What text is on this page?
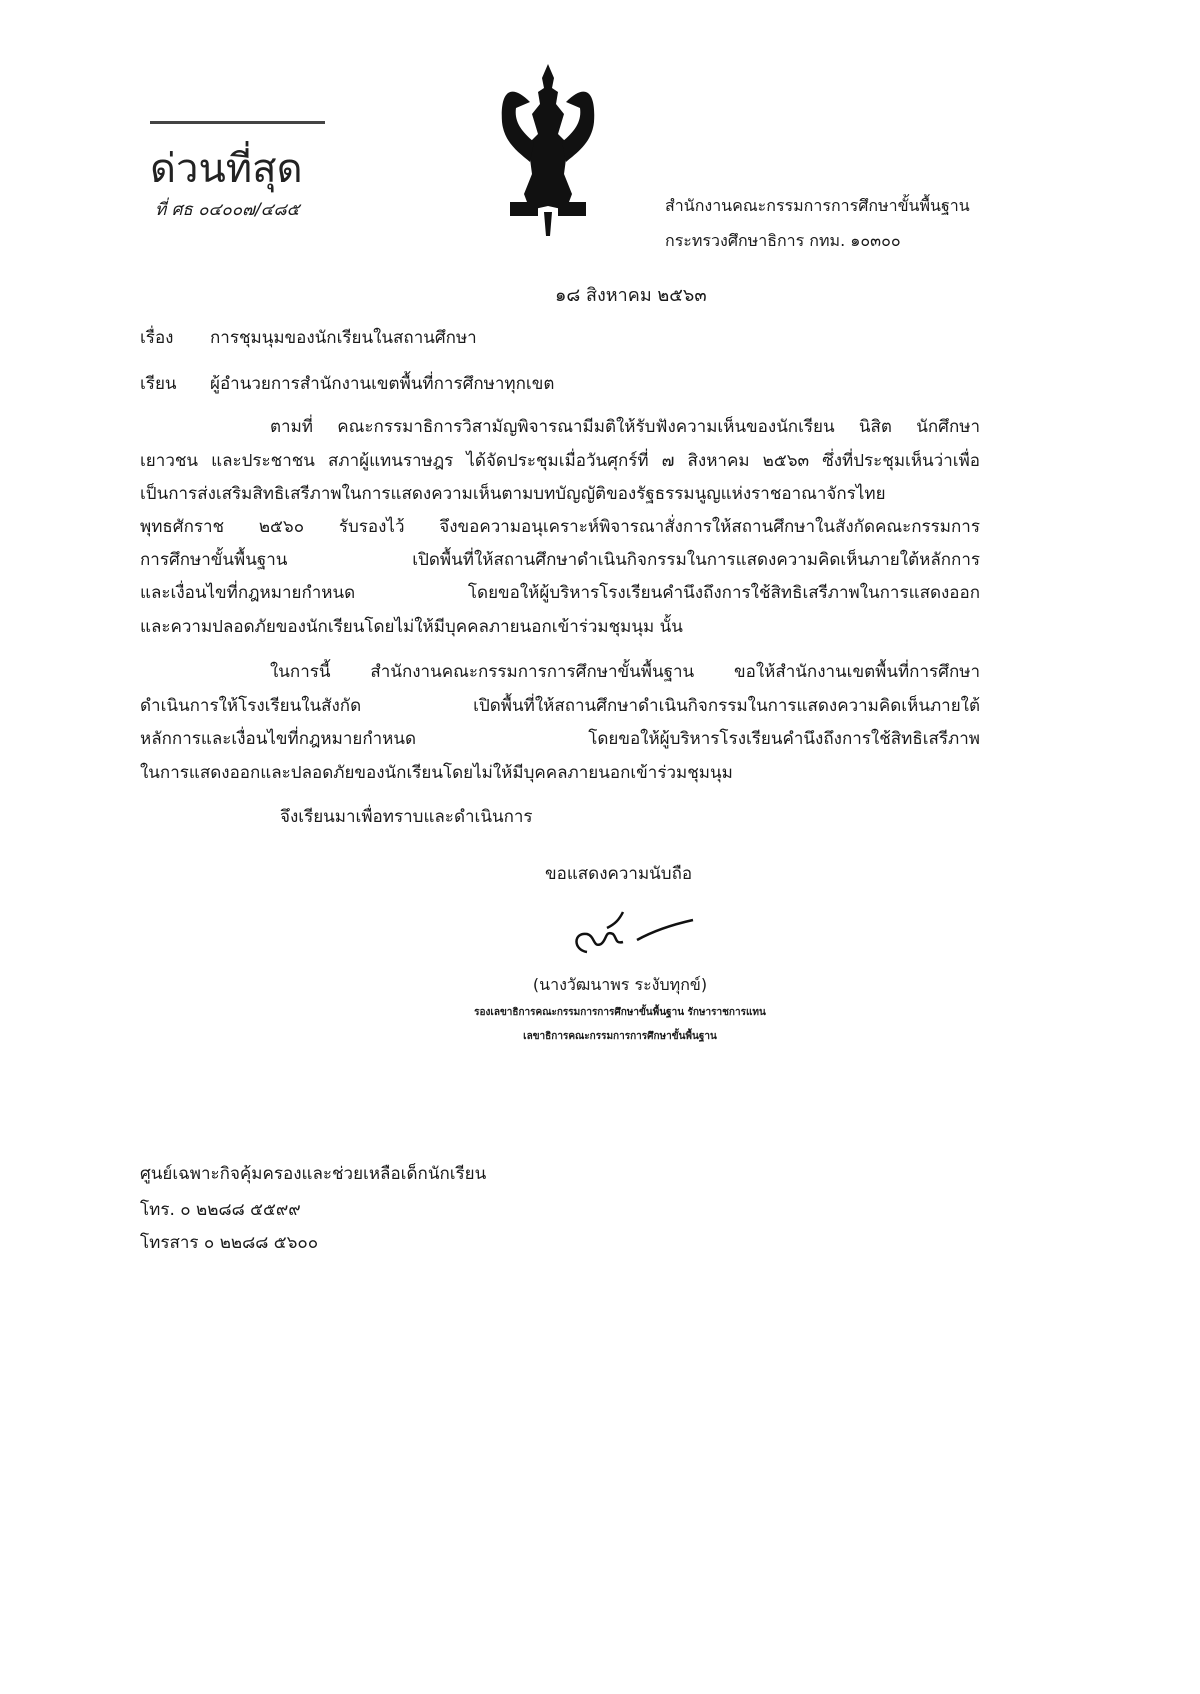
ด่วนที่สุด
ที่ ศธ ๐๔๐๐๗/๔๘๕	สำนักงานคณะกรรมการการศึกษาขั้นพื้นฐาน
กระทรวงศึกษาธิการ กทม. ๑๐๓๐๐
๑๘ สิงหาคม ๒๕๖๓
เรื่อง การชุมนุมของนักเรียนในสถานศึกษา
เรียน ผู้อำนวยการสำนักงานเขตพื้นที่การศึกษาทุกเขต
ตามที่ คณะกรรมาธิการวิสามัญพิจารณามีมติให้รับฟังความเห็นของนักเรียน นิสิต นักศึกษา
เยาวชน และประชาชน สภาผู้แทนราษฎร ได้จัดประชุมเมื่อวันศุกร์ที่ ๗ สิงหาคม ๒๕๖๓ ซึ่งที่ประชุมเห็นว่าเพื่อ
เป็นการส่งเสริมสิทธิเสรีภาพในการแสดงความเห็นตามบทบัญญัติของรัฐธรรมนูญแห่งราชอาณาจักรไทย
พุทธศักราช ๒๕๖๐ รับรองไว้ จึงขอความอนุเคราะห์พิจารณาสั่งการให้สถานศึกษาในสังกัดคณะกรรมการ
การศึกษาขั้นพื้นฐาน เปิดพื้นที่ให้สถานศึกษาดำเนินกิจกรรมในการแสดงความคิดเห็นภายใต้หลักการ
และเงื่อนไขที่กฎหมายกำหนด โดยขอให้ผู้บริหารโรงเรียนคำนึงถึงการใช้สิทธิเสรีภาพในการแสดงออก
และความปลอดภัยของนักเรียนโดยไม่ให้มีบุคคลภายนอกเข้าร่วมชุมนุม นั้น
ในการนี้ สำนักงานคณะกรรมการการศึกษาขั้นพื้นฐาน ขอให้สำนักงานเขตพื้นที่การศึกษา
ดำเนินการให้โรงเรียนในสังกัด เปิดพื้นที่ให้สถานศึกษาดำเนินกิจกรรมในการแสดงความคิดเห็นภายใต้
หลักการและเงื่อนไขที่กฎหมายกำหนด โดยขอให้ผู้บริหารโรงเรียนคำนึงถึงการใช้สิทธิเสรีภาพ
ในการแสดงออกและปลอดภัยของนักเรียนโดยไม่ให้มีบุคคลภายนอกเข้าร่วมชุมนุม
จึงเรียนมาเพื่อทราบและดำเนินการ
ขอแสดงความนับถือ
(นางวัฒนาพร ระงับทุกข์)
รองเลขาธิการคณะกรรมการการศึกษาขั้นพื้นฐาน รักษาราชการแทน
เลขาธิการคณะกรรมการการศึกษาขั้นพื้นฐาน
ศูนย์เฉพาะกิจคุ้มครองและช่วยเหลือเด็กนักเรียน
โทร. ๐ ๒๒๘๘ ๕๕๙๙
โทรสาร ๐ ๒๒๘๘ ๕๖๐๐
